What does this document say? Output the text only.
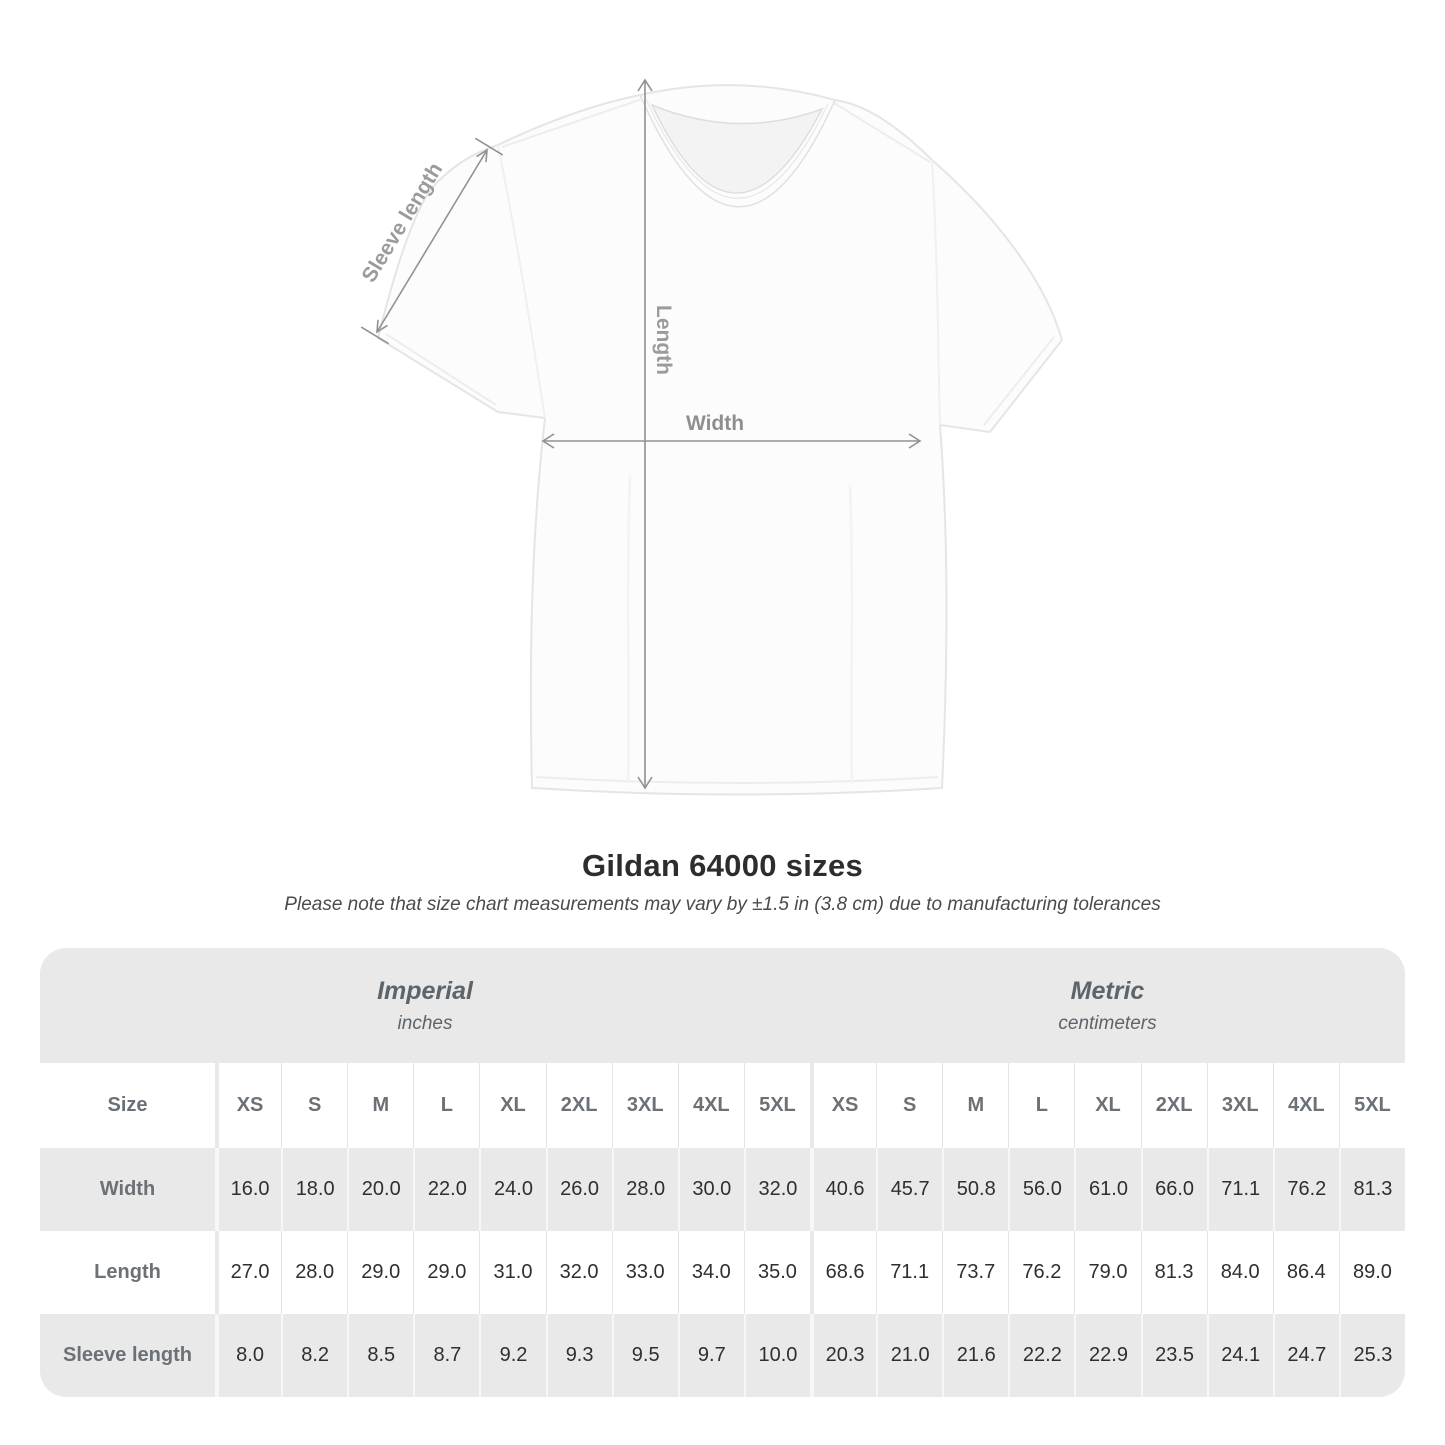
Length
Width
Sleeve length
Gildan 64000 sizes
Please note that size chart measurements may vary by ±1.5 in (3.8 cm) due to manufacturing tolerances
Imperial
inches
Metric
centimeters
Size	XS	S	M	L	XL	2XL	3XL	4XL	5XL	XS	S	M	L	XL	2XL	3XL	4XL	5XL
Width	16.0	18.0	20.0	22.0	24.0	26.0	28.0	30.0	32.0	40.6	45.7	50.8	56.0	61.0	66.0	71.1	76.2	81.3
Length	27.0	28.0	29.0	29.0	31.0	32.0	33.0	34.0	35.0	68.6	71.1	73.7	76.2	79.0	81.3	84.0	86.4	89.0
Sleeve length	8.0	8.2	8.5	8.7	9.2	9.3	9.5	9.7	10.0	20.3	21.0	21.6	22.2	22.9	23.5	24.1	24.7	25.3
